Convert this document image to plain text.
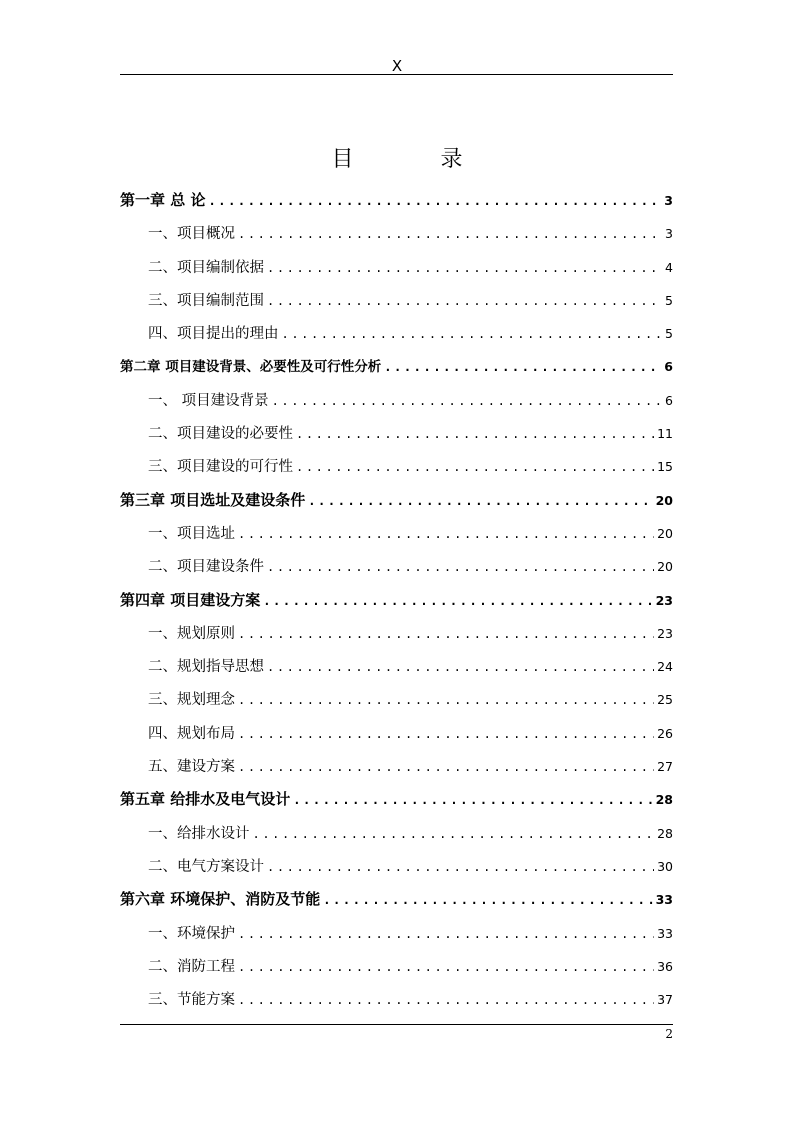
X
目 录
第一章 总 论 .....	3
一、项目概况 .....	3
二、项目编制依据 .....	4
三、项目编制范围 .....	5
四、项目提出的理由 .....	5
第二章 项目建设背景、必要性及可行性分析 .....	6
一、 项目建设背景 .....	6
二、项目建设的必要性 .....	11
三、项目建设的可行性 .....	15
第三章 项目选址及建设条件 .....	20
一、项目选址 .....	20
二、项目建设条件 .....	20
第四章 项目建设方案 .....	23
一、规划原则 .....	23
二、规划指导思想 .....	24
三、规划理念 .....	25
四、规划布局 .....	26
五、建设方案 .....	27
第五章 给排水及电气设计 .....	28
一、给排水设计 .....	28
二、电气方案设计 .....	30
第六章 环境保护、消防及节能 .....	33
一、环境保护 .....	33
二、消防工程 .....	36
三、节能方案 .....	37
2
